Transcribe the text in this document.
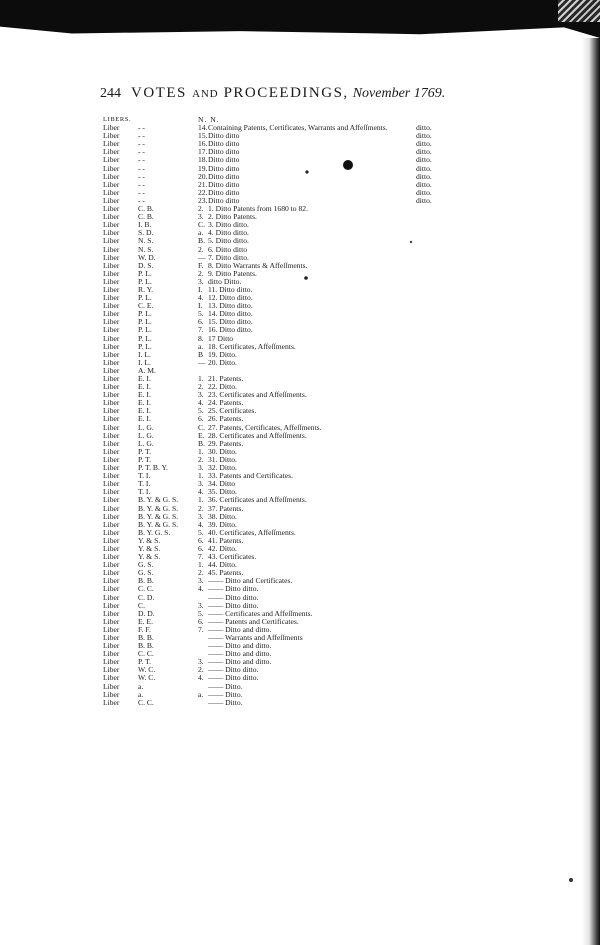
244 VOTES AND PROCEEDINGS, November 1769.
LIBERS.	N. N.
Liber - -	14. Containing Patents, Certificates, Warrants and Affeſſments.	ditto.
Liber - -	15. Ditto ditto	ditto.
Liber - -	16. Ditto ditto	ditto.
Liber - -	17. Ditto ditto	ditto.
Liber - -	18. Ditto ditto	ditto.
Liber - -	19. Ditto ditto	ditto.
Liber - -	20. Ditto ditto	ditto.
Liber - -	21. Ditto ditto	ditto.
Liber - -	22. Ditto ditto	ditto.
Liber - -	23. Ditto ditto	ditto.
Liber C. B.	2. 1. Ditto Patents from 1680 to 82.
Liber C. B.	3. 2. Ditto Patents.
Liber I. B.	C. 3. Ditto ditto.
Liber S. D.	a. 4. Ditto ditto.
Liber N. S.	B. 5. Ditto ditto.
Liber N. S.	2. 6. Ditto ditto
Liber W. D.	— 7. Ditto ditto.
Liber D. S.	F. 8. Ditto Warrants & Affeſſments.
Liber P. L.	2. 9. Ditto Patents.
Liber P. L.	3. ditto Ditto.
Liber R. Y.	I. 11. Ditto ditto.
Liber P. L.	4. 12. Ditto ditto.
Liber C. E.	I. 13. Ditto ditto.
Liber P. L.	5. 14. Ditto ditto.
Liber P. L.	6. 15. Ditto ditto.
Liber P. L.	7. 16. Ditto ditto.
Liber P. L.	8. 17 Ditto
Liber P. L.	a. 18. Certificates, Affeſſments.
Liber I. L.	B 19. Ditto.
Liber I. L.	— 20. Ditto.
Liber A. M.
Liber E. I.	1. 21. Patents.
Liber E. I.	2. 22. Ditto.
Liber E. I.	3. 23. Certificates and Affeſſments.
Liber E. I.	4. 24. Patents.
Liber E. I.	5. 25. Certificates.
Liber E. I.	6. 26. Patents.
Liber L. G.	C. 27. Patents, Certificates, Affeſſments.
Liber L. G.	E. 28. Certificates and Affeſſments.
Liber L. G.	B. 29. Patents.
Liber P. T.	1. 30. Ditto.
Liber P. T.	2. 31. Ditto.
Liber P. T. B. Y.	3. 32. Ditto.
Liber T. I.	1. 33. Patents and Certificates.
Liber T. I.	3. 34. Ditto
Liber T. I.	4. 35. Ditto.
Liber B. Y. & G. S.	1. 36. Certificates and Affeſſments.
Liber B. Y. & G. S.	2. 37. Patents.
Liber B. Y. & G. S.	3. 38. Ditto.
Liber B. Y. & G. S.	4. 39. Ditto.
Liber B. Y. G. S.	5. 40. Certificates, Affeſſments.
Liber Y. & S.	6. 41. Patents.
Liber Y. & S.	6. 42. Ditto.
Liber Y. & S.	7. 43. Certificates.
Liber G. S.	1. 44. Ditto.
Liber G. S.	2. 45. Patents.
Liber B. B.	3. —— Ditto and Certificates.
Liber C. C.	4. —— Ditto ditto.
Liber C. D.	—— Ditto ditto.
Liber C.	3. —— Ditto ditto.
Liber D. D.	5. —— Certificates and Affeſſments.
Liber E. E.	6. —— Patents and Certificates.
Liber F. F.	7. —— Ditto and ditto.
Liber B. B.	—— Warrants and Affeſſments
Liber B. B.	—— Ditto and ditto.
Liber C. C.	—— Ditto and ditto.
Liber P. T.	3. —— Ditto and ditto.
Liber W. C.	2. —— Ditto ditto.
Liber W. C.	4. —— Ditto ditto.
Liber a.	—— Ditto.
Liber a.	a. —— Ditto.
Liber C. C.	—— Ditto.
